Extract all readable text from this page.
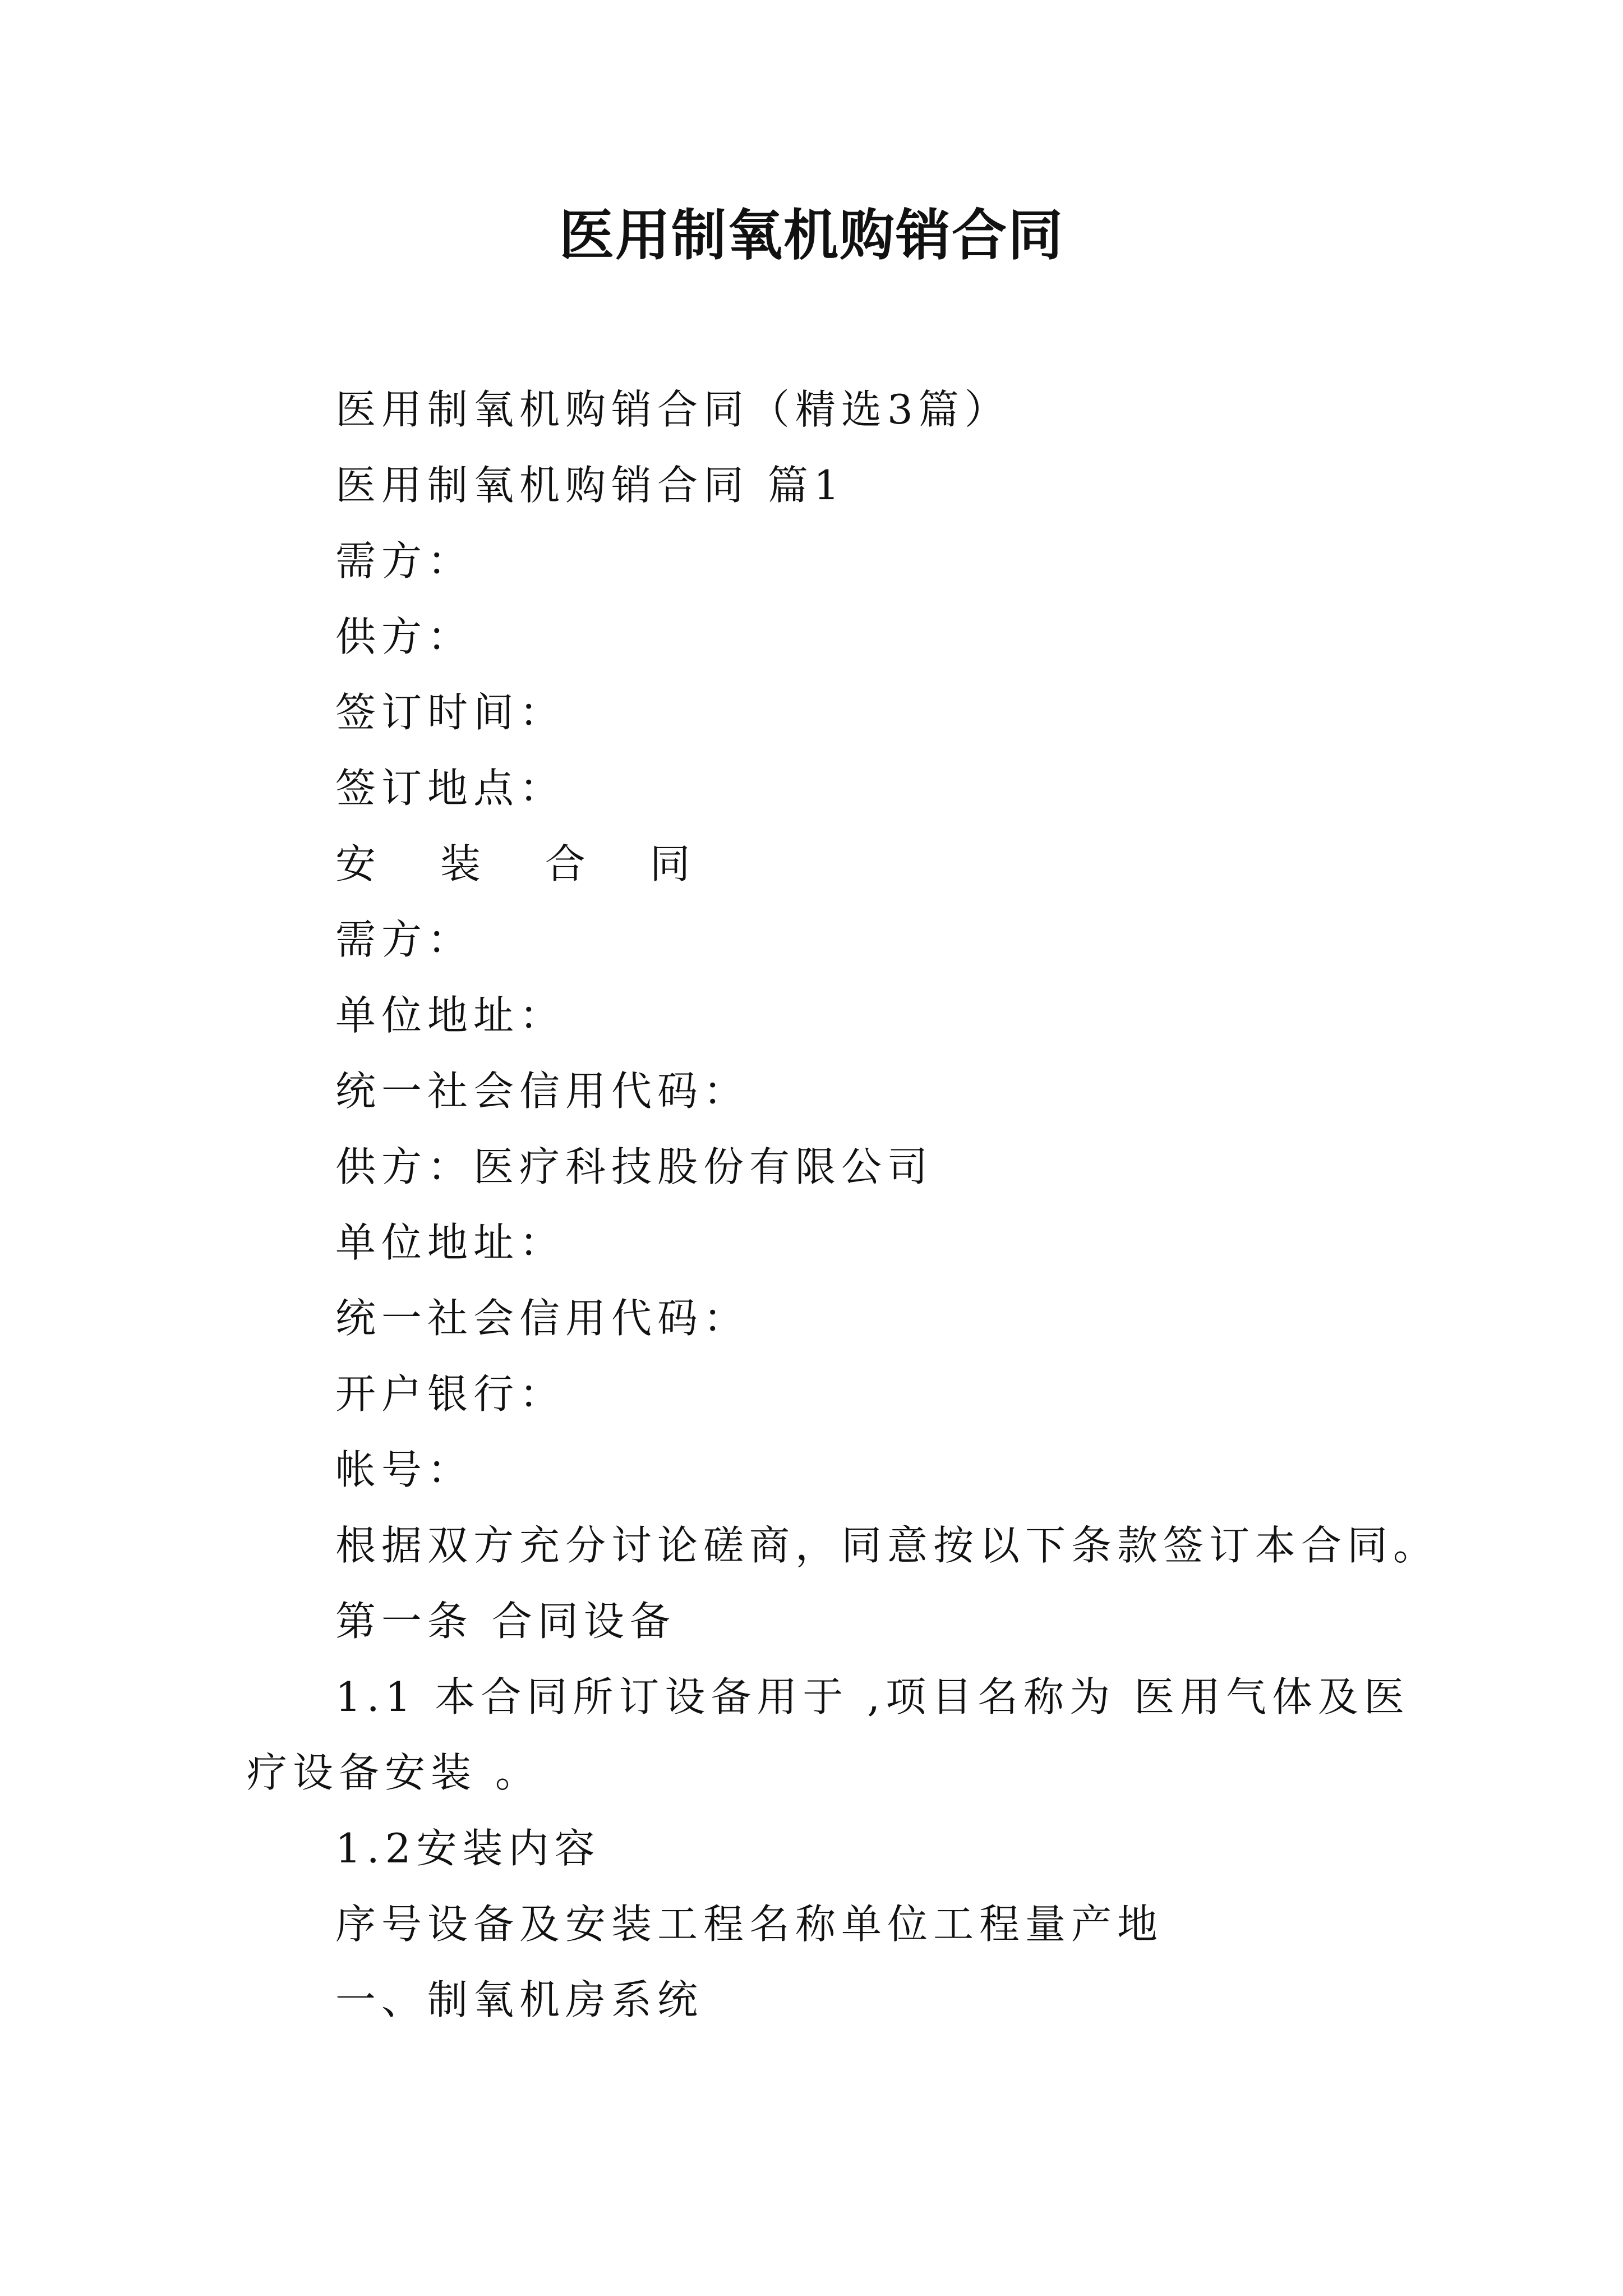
医用制氧机购销合同
医用制氧机购销合同（精选3篇）
医用制氧机购销合同 篇1
需方：
供方：
签订时间：
签订地点：
安 装 合 同
需方：
单位地址：
统一社会信用代码：
供方：医疗科技股份有限公司
单位地址：
统一社会信用代码：
开户银行：
帐号：
根据双方充分讨论磋商，同意按以下条款签订本合同。
第一条 合同设备
1.1 本合同所订设备用于 ,项目名称为 医用气体及医
疗设备安装 。
1.2安装内容
序号设备及安装工程名称单位工程量产地
一、制氧机房系统
